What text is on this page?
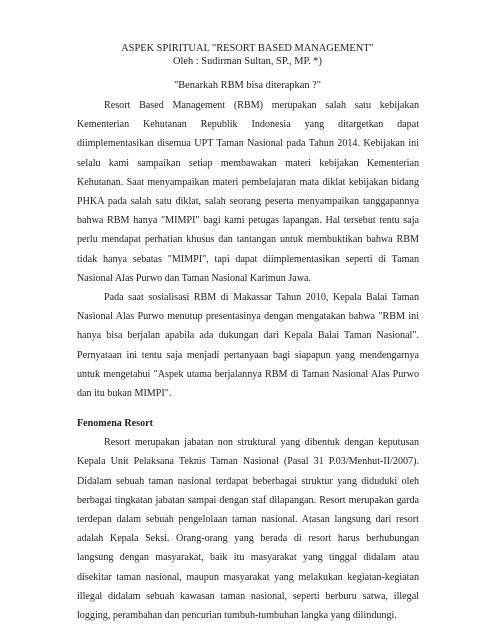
ASPEK SPIRITUAL "RESORT BASED MANAGEMENT"
Oleh : Sudirman Sultan, SP., MP. *)
"Benarkah RBM bisa diterapkan ?"

Resort Based Management (RBM) merupakan salah satu kebijakan Kementerian Kehutanan Republik Indonesia yang ditargetkan dapat diimplementasikan disemua UPT Taman Nasional pada Tahun 2014. Kebijakan ini selalu kami sampaikan setiap membawakan materi kebijakan Kementerian Kehutanan. Saat menyampaikan materi pembelajaran mata diklat kebijakan bidang PHKA pada salah satu diklat, salah seorang peserta menyampaikan tanggapannya bahwa RBM hanya "MIMPI" bagi kami petugas lapangan. Hal tersebut tentu saja perlu mendapat perhatian khusus dan tantangan untuk membuktikan bahwa RBM tidak hanya sebatas "MIMPI", tapi dapat diimplementasikan seperti di Taman Nasional Alas Purwo dan Taman Nasional Karimun Jawa.

Pada saat sosialisasi RBM di Makassar Tahun 2010, Kepala Balai Taman Nasional Alas Purwo menutup presentasinya dengan mengatakan bahwa "RBM ini hanya bisa berjalan apabila ada dukungan dari Kepala Balai Taman Nasional". Pernyataan ini tentu saja menjadi pertanyaan bagi siapapun yang mendengarnya untuk mengetahui "Aspek utama berjalannya RBM di Taman Nasional Alas Purwo dan itu bukan MIMPI".

Fenomena Resort

Resort merupakan jabatan non struktural yang dibentuk dengan keputusan Kepala Unit Pelaksana Teknis Taman Nasional (Pasal 31 P.03/Menhut-II/2007). Didalam sebuah taman nasional terdapat beberbagai struktur yang diduduki oleh berbagai tingkatan jabatan sampai dengan staf dilapangan. Resort merupakan garda terdepan dalam sebuah pengelolaan taman nasional. Atasan langsung dari resort adalah Kepala Seksi. Orang-orang yang berada di resort harus berhubungan langsung dengan masyarakat, baik itu masyarakat yang tinggal didalam atau disekitar taman nasional, maupun masyarakat yang melakukan kegiatan-kegiatan illegal didalam sebuah kawasan taman nasional, seperti berburu satwa, illegal logging, perambahan dan pencurian tumbuh-tumbuhan langka yang dilindungi.
